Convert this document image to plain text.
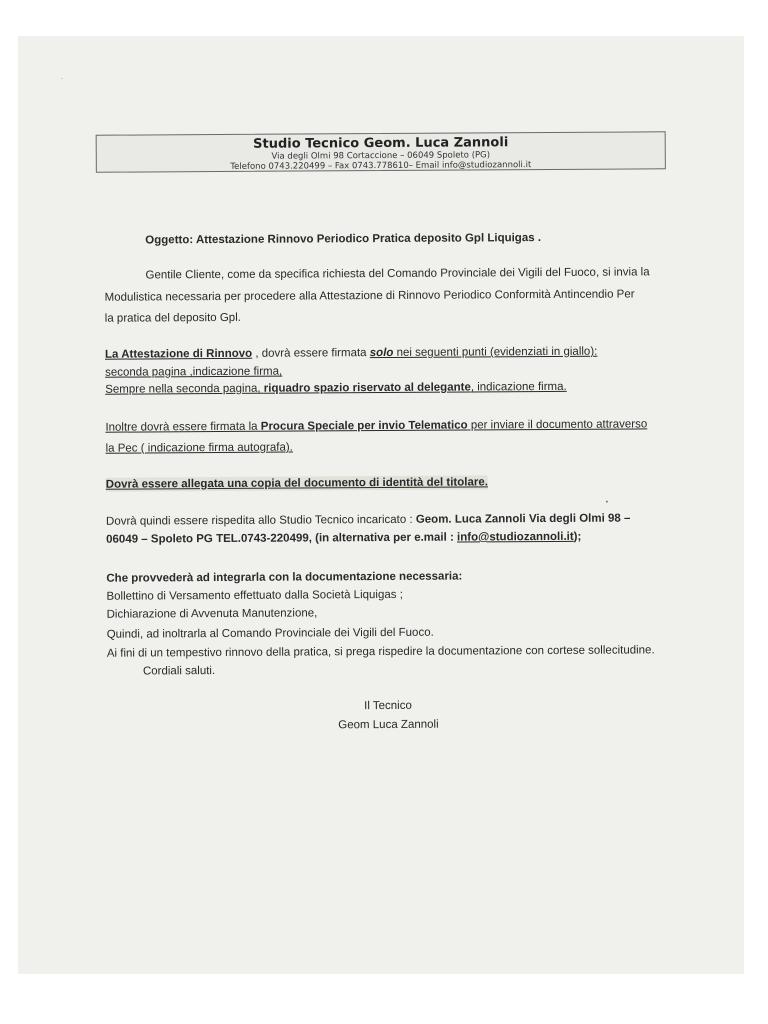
Studio Tecnico Geom. Luca Zannoli
Via degli Olmi 98 Cortaccione – 06049 Spoleto (PG)
Telefono 0743.220499 – Fax 0743.778610– Email info@studiozannoli.it
Oggetto: Attestazione Rinnovo Periodico Pratica deposito Gpl Liquigas .
Gentile Cliente, come da specifica richiesta del Comando Provinciale dei Vigili del Fuoco, si invia la
Modulistica necessaria per procedere alla Attestazione di Rinnovo Periodico Conformità Antincendio Per
la pratica del deposito Gpl.
La Attestazione di Rinnovo , dovrà essere firmata solo nei seguenti punti (evidenziati in giallo):
seconda pagina ,indicazione firma,
Sempre nella seconda pagina, riquadro spazio riservato al delegante, indicazione firma.
Inoltre dovrà essere firmata la Procura Speciale per invio Telematico per inviare il documento attraverso
la Pec ( indicazione firma autografa).
Dovrà essere allegata una copia del documento di identità del titolare.
Dovrà quindi essere rispedita allo Studio Tecnico incaricato : Geom. Luca Zannoli Via degli Olmi 98 –
06049 – Spoleto PG TEL.0743-220499, (in alternativa per e.mail : info@studiozannoli.it);
Che provvederà ad integrarla con la documentazione necessaria:
Bollettino di Versamento effettuato dalla Società Liquigas ;
Dichiarazione di Avvenuta Manutenzione,
Quindi, ad inoltrarla al Comando Provinciale dei Vigili del Fuoco.
Ai fini di un tempestivo rinnovo della pratica, si prega rispedire la documentazione con cortese sollecitudine.
Cordiali saluti.
Il Tecnico
Geom Luca Zannoli
